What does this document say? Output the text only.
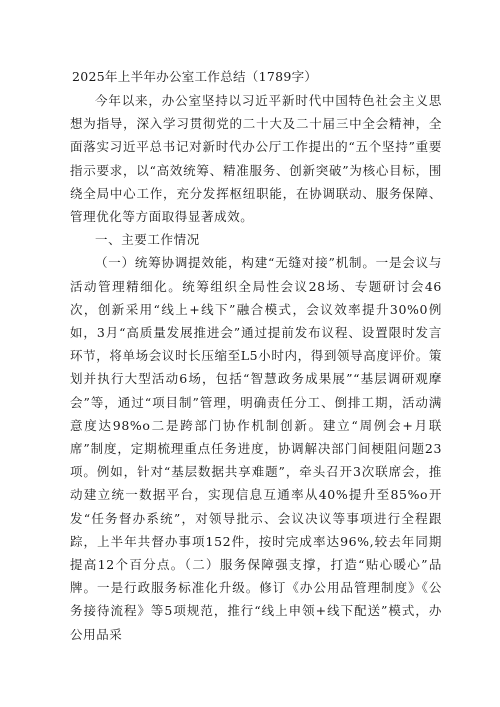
2025年上半年办公室工作总结（1789字）

今年以来，办公室坚持以习近平新时代中国特色社会主义思想为指导，深入学习贯彻党的二十大及二十届三中全会精神，全面落实习近平总书记对新时代办公厅工作提出的“五个坚持”重要指示要求，以“高效统筹、精准服务、创新突破”为核心目标，围绕全局中心工作，充分发挥枢纽职能，在协调联动、服务保障、管理优化等方面取得显著成效。

一、主要工作情况

（一）统筹协调提效能，构建“无缝对接”机制。一是会议与活动管理精细化。统筹组织全局性会议28场、专题研讨会46次，创新采用“线上+线下”融合模式，会议效率提升30%0例如，3月“高质量发展推进会”通过提前发布议程、设置限时发言环节，将单场会议时长压缩至L5小时内，得到领导高度评价。策划并执行大型活动6场，包括“智慧政务成果展”“基层调研观摩会”等，通过“项目制”管理，明确责任分工、倒排工期，活动满意度达98%o二是跨部门协作机制创新。建立“周例会+月联席”制度，定期梳理重点任务进度，协调解决部门间梗阻问题23项。例如，针对“基层数据共享难题”，牵头召开3次联席会，推动建立统一数据平台，实现信息互通率从40%提升至85%o开发“任务督办系统”，对领导批示、会议决议等事项进行全程跟踪，上半年共督办事项152件，按时完成率达96%,较去年同期提高12个百分点。（二）服务保障强支撑，打造“贴心暖心”品牌。一是行政服务标准化升级。修订《办公用品管理制度》《公务接待流程》等5项规范，推行“线上申领+线下配送”模式，办公用品采
